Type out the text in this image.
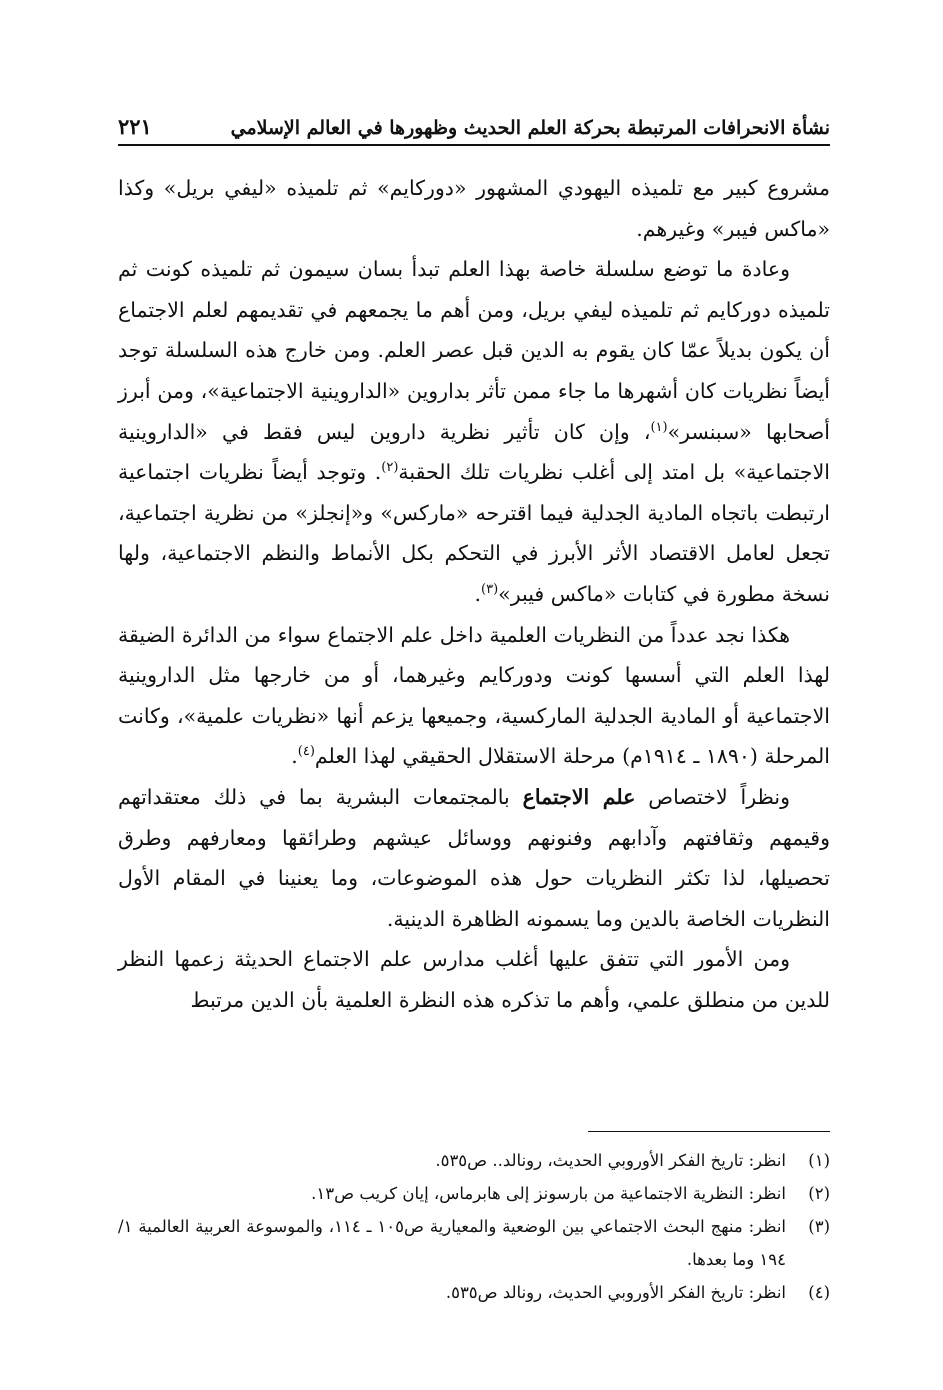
نشأة الانحرافات المرتبطة بحركة العلم الحديث وظهورها في العالم الإسلامي
٢٢١

مشروع كبير مع تلميذه اليهودي المشهور «دوركايم» ثم تلميذه «ليفي بريل» وكذا «ماكس فيبر» وغيرهم.

وعادة ما توضع سلسلة خاصة بهذا العلم تبدأ بسان سيمون ثم تلميذه كونت ثم تلميذه دوركايم ثم تلميذه ليفي بريل، ومن أهم ما يجمعهم في تقديمهم لعلم الاجتماع أن يكون بديلاً عمّا كان يقوم به الدين قبل عصر العلم. ومن خارج هذه السلسلة توجد أيضاً نظريات كان أشهرها ما جاء ممن تأثر بداروين «الداروينية الاجتماعية»، ومن أبرز أصحابها «سبنسر»$^{(١)}$، وإن كان تأثير نظرية داروين ليس فقط في «الداروينية الاجتماعية» بل امتد إلى أغلب نظريات تلك الحقبة$^{(٢)}$. وتوجد أيضاً نظريات اجتماعية ارتبطت باتجاه المادية الجدلية فيما اقترحه «ماركس» و«إنجلز» من نظرية اجتماعية، تجعل لعامل الاقتصاد الأثر الأبرز في التحكم بكل الأنماط والنظم الاجتماعية، ولها نسخة مطورة في كتابات «ماكس فيبر»$^{(٣)}$.

هكذا نجد عدداً من النظريات العلمية داخل علم الاجتماع سواء من الدائرة الضيقة لهذا العلم التي أسسها كونت ودوركايم وغيرهما، أو من خارجها مثل الداروينية الاجتماعية أو المادية الجدلية الماركسية، وجميعها يزعم أنها «نظريات علمية»، وكانت المرحلة (١٨٩٠ ـ ١٩١٤م) مرحلة الاستقلال الحقيقي لهذا العلم$^{(٤)}$.

ونظراً لاختصاص علم الاجتماع بالمجتمعات البشرية بما في ذلك معتقداتهم وقيمهم وثقافتهم وآدابهم وفنونهم ووسائل عيشهم وطرائقها ومعارفهم وطرق تحصيلها، لذا تكثر النظريات حول هذه الموضوعات، وما يعنينا في المقام الأول النظريات الخاصة بالدين وما يسمونه الظاهرة الدينية.

ومن الأمور التي تتفق عليها أغلب مدارس علم الاجتماع الحديثة زعمها النظر للدين من منطلق علمي، وأهم ما تذكره هذه النظرة العلمية بأن الدين مرتبط

(١)
انظر: تاريخ الفكر الأوروبي الحديث، رونالد.. ص٥٣٥.
(٢)
انظر: النظرية الاجتماعية من بارسونز إلى هابرماس، إيان كريب ص١٣.
(٣)
انظر: منهج البحث الاجتماعي بين الوضعية والمعيارية ص١٠٥ ـ ١١٤، والموسوعة العربية العالمية ١/ ١٩٤ وما بعدها.
(٤)
انظر: تاريخ الفكر الأوروبي الحديث، رونالد ص٥٣٥.
